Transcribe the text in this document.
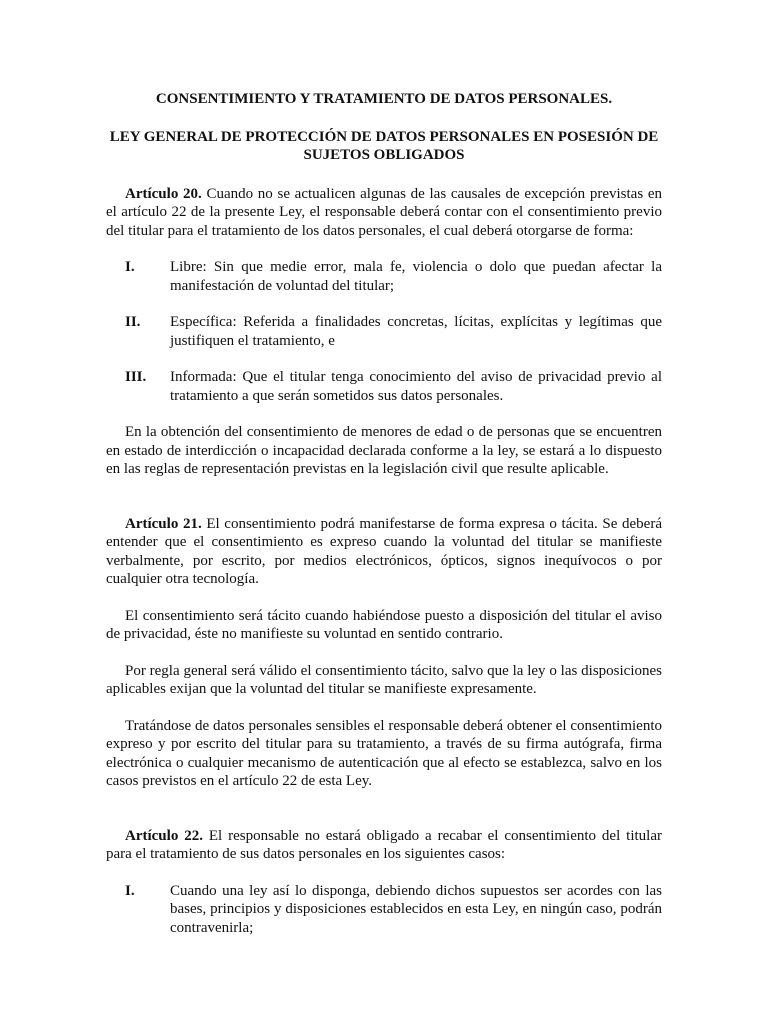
CONSENTIMIENTO Y TRATAMIENTO DE DATOS PERSONALES.

LEY GENERAL DE PROTECCIÓN DE DATOS PERSONALES EN POSESIÓN DE SUJETOS OBLIGADOS

Artículo 20. Cuando no se actualicen algunas de las causales de excepción previstas en el artículo 22 de la presente Ley, el responsable deberá contar con el consentimiento previo del titular para el tratamiento de los datos personales, el cual deberá otorgarse de forma:

I.	Libre: Sin que medie error, mala fe, violencia o dolo que puedan afectar la manifestación de voluntad del titular;
II.	Específica: Referida a finalidades concretas, lícitas, explícitas y legítimas que justifiquen el tratamiento, e
III.	Informada: Que el titular tenga conocimiento del aviso de privacidad previo al tratamiento a que serán sometidos sus datos personales.

En la obtención del consentimiento de menores de edad o de personas que se encuentren en estado de interdicción o incapacidad declarada conforme a la ley, se estará a lo dispuesto en las reglas de representación previstas en la legislación civil que resulte aplicable.

Artículo 21. El consentimiento podrá manifestarse de forma expresa o tácita. Se deberá entender que el consentimiento es expreso cuando la voluntad del titular se manifieste verbalmente, por escrito, por medios electrónicos, ópticos, signos inequívocos o por cualquier otra tecnología.

El consentimiento será tácito cuando habiéndose puesto a disposición del titular el aviso de privacidad, éste no manifieste su voluntad en sentido contrario.

Por regla general será válido el consentimiento tácito, salvo que la ley o las disposiciones aplicables exijan que la voluntad del titular se manifieste expresamente.

Tratándose de datos personales sensibles el responsable deberá obtener el consentimiento expreso y por escrito del titular para su tratamiento, a través de su firma autógrafa, firma electrónica o cualquier mecanismo de autenticación que al efecto se establezca, salvo en los casos previstos en el artículo 22 de esta Ley.

Artículo 22. El responsable no estará obligado a recabar el consentimiento del titular para el tratamiento de sus datos personales en los siguientes casos:

I.	Cuando una ley así lo disponga, debiendo dichos supuestos ser acordes con las bases, principios y disposiciones establecidos en esta Ley, en ningún caso, podrán contravenirla;
